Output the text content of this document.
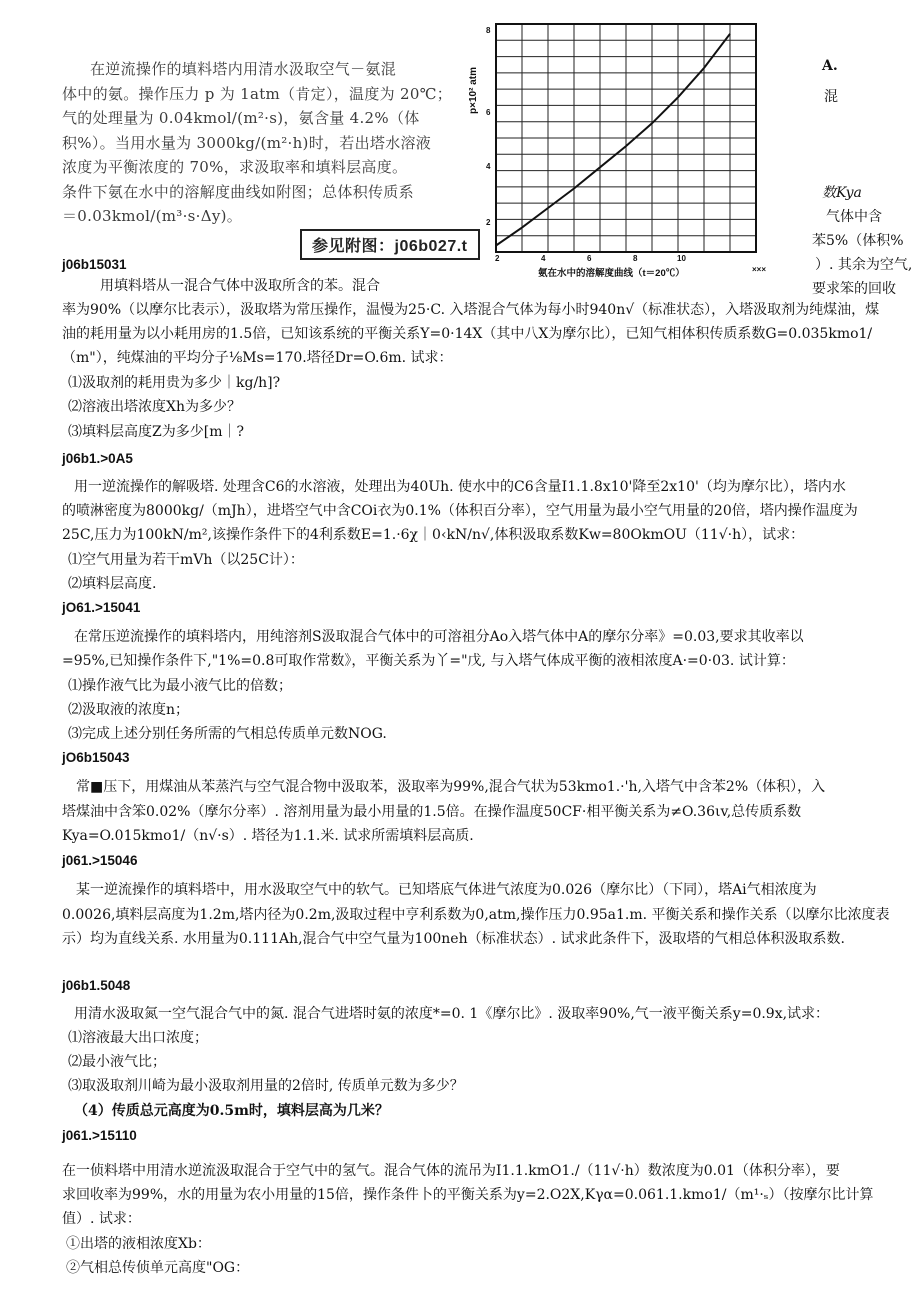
在逆流操作的填料塔内用清水汲取空气－氨混
体中的氨。操作压力 p 为 1atm（肯定），温度为 20℃；
气的处理量为 0.04kmol/(m²·s)，氨含量 4.2%（体
积%）。当用水量为 3000kg/(m²·h)时，若出塔水溶液
浓度为平衡浓度的 70%，求汲取率和填料层高度。
条件下氨在水中的溶解度曲线如附图；总体积传质系
＝0.03kmol/(m³·s·Δy)。
参见附图：j06b027.t
p×10² atm
2	4	6	8	10
×××
8
6
4
2
氨在水中的溶解度曲线（t＝20℃）
A.
混
数Kya
气体中含
苯5%（体积%
）. 其余为空气,
要求笨的回收
j06b15031
用填料塔从一混合气体中汲取所含的苯。混合
率为90%（以摩尔比表示），汲取塔为常压操作，温慢为25·C. 入塔混合气体为每小时940n√（标准状态），入塔汲取剂为纯煤油，煤
油的耗用量为以小耗用房的1.5倍，已知该系统的平衡关系Y=0·14X（其中八X为摩尔比），已知气相体积传质系数G=0.035kmo1/
（m"），纯煤油的平均分子⅛Ms=170.塔径Dr=O.6m. 试求：
⑴汲取剂的耗用贵为多少｜kg/h]?
⑵溶液出塔浓度Xh为多少？
⑶填料层高度Z为多少[m｜?
j06b1.>0A5
用一逆流操作的解吸塔. 处理含C6的水溶液，处理出为40Uh. 使水中的C6含量I1.1.8x10'降至2x10'（均为摩尔比），塔内水
的喷淋密度为8000kg/（mJh），进塔空气中含COi衣为0.1%（体积百分率），空气用量为最小空气用量的20倍，塔内操作温度为
25C,压力为100kN/m²,该操作条件下的4利系数E=1.·6χ｜0‹kN/n√,体积汲取系数Kw=80OkmOU（11√·h），试求：
⑴空气用量为若干mVh（以25C计）：
⑵填料层高度.
jO61.>15041
在常压逆流操作的填料塔内，用纯溶剂S汲取混合气体中的可溶祖分Ao入塔气体中A的摩尔分率》=0.03,要求其收率以
=95%,已知操作条件下,"1%=0.8可取作常数》，平衡关系为丫="戊, 与入塔气体成平衡的液相浓度A·=0·03. 试计算：
⑴操作液气比为最小液气比的倍数；
⑵汲取液的浓度n；
⑶完成上述分别任务所需的气相总传质单元数NOG.
jO6b15043
常■压下，用煤油从苯蒸汽与空气混合物中汲取苯，汲取率为99%,混合气状为53kmo1.·'h,入塔气中含苯2%（体积），入
塔煤油中含笨0.02%（摩尔分率）. 溶剂用量为最小用量的1.5倍。在操作温度50CF·相平衡关系为≠O.36ιv,总传质系数
Kya=O.015kmo1/（n√·s）. 塔径为1.1.米. 试求所需填料层高质.
j061.>15046
某一逆流操作的填料塔中，用水汲取空气中的软气。已知塔底气体进气浓度为0.026（摩尔比）（下同），塔Ai气相浓度为
0.0026,填料层高度为1.2m,塔内径为0.2m,汲取过程中亨利系数为0,atm,操作压力0.95a1.m. 平衡关系和操作关系（以摩尔比浓度表
示）均为直线关系. 水用量为0.111Ah,混合气中空气量为100neh（标准状态）. 试求此条件下，汲取塔的气相总体积汲取系数.
j06b1.5048
用清水汲取氮一空气混合气中的氮. 混合气进塔时氨的浓度*=0. 1《摩尔比》. 汲取率90%,气一液平衡关系y=0.9x,试求：
⑴溶液最大出口浓度；
⑵最小液气比；
⑶取汲取剂川崎为最小汲取剂用量的2倍时, 传质单元数为多少？
（4）传质总元高度为0.5m时，填料层高为几米？
j061.>15110
在一侦料塔中用清水逆流汲取混合于空气中的氢气。混合气体的流吊为I1.1.kmO1./（11√·h）数浓度为0.01（体积分率），要
求回收率为99%，水的用量为农小用量的15倍，操作条件卜的平衡关系为y=2.O2X,Kγα=0.061.1.kmo1/（m¹·ₛ）（按摩尔比计算
值）. 试求：
①出塔的液相浓度Xb：
②气相总传侦单元高度"OG：
